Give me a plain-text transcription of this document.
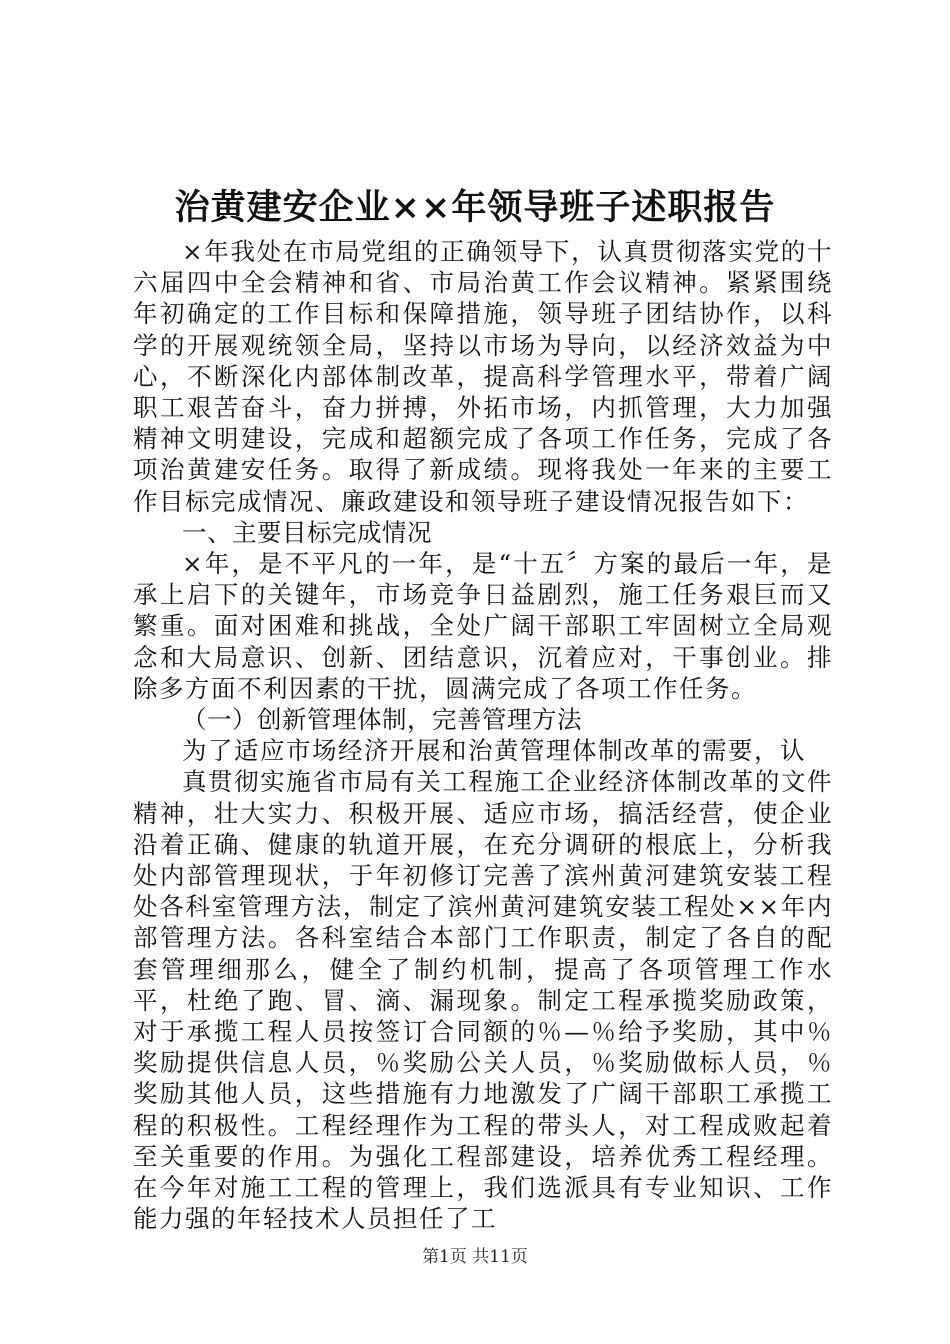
治黄建安企业××年领导班子述职报告

×年我处在市局党组的正确领导下，认真贯彻落实党的十六届四中全会精神和省、市局治黄工作会议精神。紧紧围绕年初确定的工作目标和保障措施，领导班子团结协作，以科学的开展观统领全局，坚持以市场为导向，以经济效益为中心，不断深化内部体制改革，提高科学管理水平，带着广阔职工艰苦奋斗，奋力拼搏，外拓市场，内抓管理，大力加强精神文明建设，完成和超额完成了各项工作任务，完成了各项治黄建安任务。取得了新成绩。现将我处一年来的主要工作目标完成情况、廉政建设和领导班子建设情况报告如下：

一、主要目标完成情况

×年，是不平凡的一年，是“十五〞方案的最后一年，是承上启下的关键年，市场竞争日益剧烈，施工任务艰巨而又繁重。面对困难和挑战，全处广阔干部职工牢固树立全局观念和大局意识、创新、团结意识，沉着应对，干事创业。排除多方面不利因素的干扰，圆满完成了各项工作任务。

（一）创新管理体制，完善管理方法

为了适应市场经济开展和治黄管理体制改革的需要，认

真贯彻实施省市局有关工程施工企业经济体制改革的文件精神，壮大实力、积极开展、适应市场，搞活经营，使企业沿着正确、健康的轨道开展，在充分调研的根底上，分析我处内部管理现状，于年初修订完善了滨州黄河建筑安装工程处各科室管理方法，制定了滨州黄河建筑安装工程处××年内部管理方法。各科室结合本部门工作职责，制定了各自的配套管理细那么，健全了制约机制，提高了各项管理工作水平，杜绝了跑、冒、滴、漏现象。制定工程承揽奖励政策，对于承揽工程人员按签订合同额的％—％给予奖励，其中％奖励提供信息人员，％奖励公关人员，％奖励做标人员，％奖励其他人员，这些措施有力地激发了广阔干部职工承揽工程的积极性。工程经理作为工程的带头人，对工程成败起着至关重要的作用。为强化工程部建设，培养优秀工程经理。在今年对施工工程的管理上，我们选派具有专业知识、工作能力强的年轻技术人员担任了工

第1页 共11页
